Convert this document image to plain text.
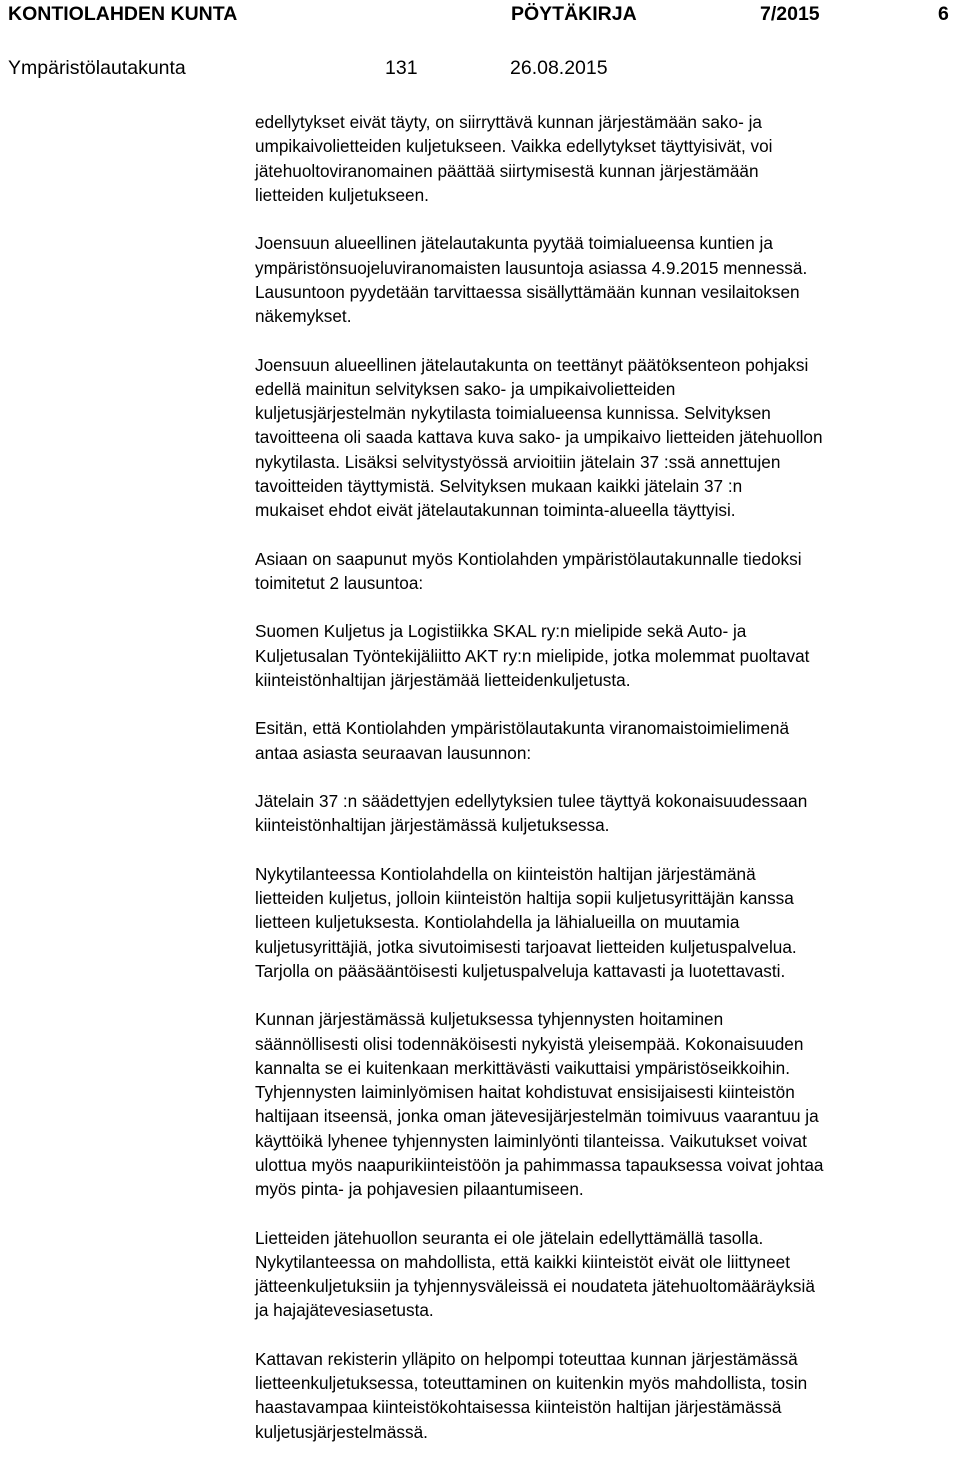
KONTIOLAHDEN KUNTA	PÖYTÄKIRJA	7/2015	6
Ympäristölautakunta	131	26.08.2015

edellytykset eivät täyty, on siirryttävä kunnan järjestämään sako- ja
umpikaivolietteiden kuljetukseen. Vaikka edellytykset täyttyisivät, voi
jätehuoltoviranomainen päättää siirtymisestä kunnan järjestämään
lietteiden kuljetukseen.

Joensuun alueellinen jätelautakunta pyytää toimialueensa kuntien ja
ympäristönsuojeluviranomaisten lausuntoja asiassa 4.9.2015 mennessä.
Lausuntoon pyydetään tarvittaessa sisällyttämään kunnan vesilaitoksen
näkemykset.

Joensuun alueellinen jätelautakunta on teettänyt päätöksenteon pohjaksi
edellä mainitun selvityksen sako- ja umpikaivolietteiden
kuljetusjärjestelmän nykytilasta toimialueensa kunnissa. Selvityksen
tavoitteena oli saada kattava kuva sako- ja umpikaivo lietteiden jätehuollon
nykytilasta. Lisäksi selvitystyössä arvioitiin jätelain 37 :ssä annettujen
tavoitteiden täyttymistä. Selvityksen mukaan kaikki jätelain 37 :n
mukaiset ehdot eivät jätelautakunnan toiminta-alueella täyttyisi.

Asiaan on saapunut myös Kontiolahden ympäristölautakunnalle tiedoksi
toimitetut 2 lausuntoa:

Suomen Kuljetus ja Logistiikka SKAL ry:n mielipide sekä Auto- ja
Kuljetusalan Työntekijäliitto AKT ry:n mielipide, jotka molemmat puoltavat
kiinteistönhaltijan järjestämää lietteidenkuljetusta.

Esitän, että Kontiolahden ympäristölautakunta viranomaistoimielimenä
antaa asiasta seuraavan lausunnon:

Jätelain 37 :n säädettyjen edellytyksien tulee täyttyä kokonaisuudessaan
kiinteistönhaltijan järjestämässä kuljetuksessa.

Nykytilanteessa Kontiolahdella on kiinteistön haltijan järjestämänä
lietteiden kuljetus, jolloin kiinteistön haltija sopii kuljetusyrittäjän kanssa
lietteen kuljetuksesta. Kontiolahdella ja lähialueilla on muutamia
kuljetusyrittäjiä, jotka sivutoimisesti tarjoavat lietteiden kuljetuspalvelua.
Tarjolla on pääsääntöisesti kuljetuspalveluja kattavasti ja luotettavasti.

Kunnan järjestämässä kuljetuksessa tyhjennysten hoitaminen
säännöllisesti olisi todennäköisesti nykyistä yleisempää. Kokonaisuuden
kannalta se ei kuitenkaan merkittävästi vaikuttaisi ympäristöseikkoihin.
Tyhjennysten laiminlyömisen haitat kohdistuvat ensisijaisesti kiinteistön
haltijaan itseensä, jonka oman jätevesijärjestelmän toimivuus vaarantuu ja
käyttöikä lyhenee tyhjennysten laiminlyönti tilanteissa. Vaikutukset voivat
ulottua myös naapurikiinteistöön ja pahimmassa tapauksessa voivat johtaa
myös pinta- ja pohjavesien pilaantumiseen.

Lietteiden jätehuollon seuranta ei ole jätelain edellyttämällä tasolla.
Nykytilanteessa on mahdollista, että kaikki kiinteistöt eivät ole liittyneet
jätteenkuljetuksiin ja tyhjennysväleissä ei noudateta jätehuoltomääräyksiä
ja hajajätevesiasetusta.

Kattavan rekisterin ylläpito on helpompi toteuttaa kunnan järjestämässä
lietteenkuljetuksessa, toteuttaminen on kuitenkin myös mahdollista, tosin
haastavampaa kiinteistökohtaisessa kiinteistön haltijan järjestämässä
kuljetusjärjestelmässä.
